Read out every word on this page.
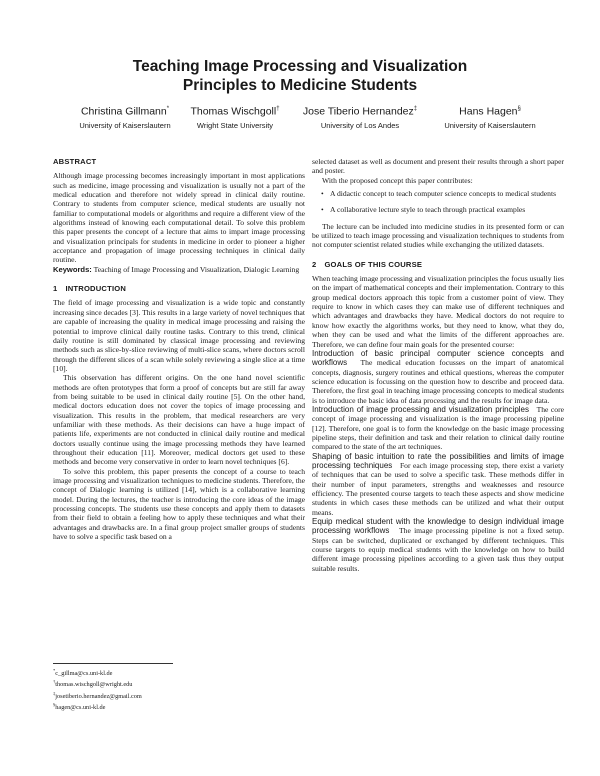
Teaching Image Processing and Visualization
Principles to Medicine Students
Christina Gillmann*
University of Kaiserslautern
Thomas Wischgoll†
Wright State University
Jose Tiberio Hernandez‡
University of Los Andes
Hans Hagen§
University of Kaiserslautern
ABSTRACT

Although image processing becomes increasingly important in most applications such as medicine, image processing and visualization is usually not a part of the medical education and therefore not widely spread in clinical daily routine. Contrary to students from computer science, medical students are usually not familiar to computational models or algorithms and require a different view of the algorithms instead of knowing each computational detail. To solve this problem this paper presents the concept of a lecture that aims to impart image processing and visualization principals for students in medicine in order to pioneer a higher acceptance and propagation of image processing techniques in clinical daily routine.

Keywords: Teaching of Image Processing and Visualization, Dialogic Learning

1 INTRODUCTION

The field of image processing and visualization is a wide topic and constantly increasing since decades [3]. This results in a large variety of novel techniques that are capable of increasing the quality in medical image processing and raising the potential to improve clinical daily routine tasks. Contrary to this trend, clinical daily routine is still dominated by classical image processing and reviewing methods such as slice-by-slice reviewing of multi-slice scans, where doctors scroll through the different slices of a scan while solely reviewing a single slice at a time [10].

This observation has different origins. On the one hand novel scientific methods are often prototypes that form a proof of concepts but are still far away from being suitable to be used in clinical daily routine [5]. On the other hand, medical doctors education does not cover the topics of image processing and visualization. This results in the problem, that medical researchers are very unfamiliar with these methods. As their decisions can have a huge impact of patients life, experiments are not conducted in clinical daily routine and medical doctors usually continue using the image processing methods they have learned throughout their education [11]. Moreover, medical doctors get used to these methods and become very conservative in order to learn novel techniques [6].

To solve this problem, this paper presents the concept of a course to teach image processing and visualization techniques to medicine students. Therefore, the concept of Dialogic learning is utilized [14], which is a collaborative learning model. During the lectures, the teacher is introducing the core ideas of the image processing concepts. The students use these concepts and apply them to datasets from their field to obtain a feeling how to apply these techniques and what their advantages and drawbacks are. In a final group project smaller groups of students have to solve a specific task based on a

*c_gillma@cs.uni-kl.de
†thomas.wischgoll@wright.edu
‡josetiberio.hernandez@gmail.com
§hagen@cs.uni-kl.de

selected dataset as well as document and present their results through a short paper and poster.

With the proposed concept this paper contributes:

• A didactic concept to teach computer science concepts to medical students
• A collaborative lecture style to teach through practical examples

The lecture can be included into medicine studies in its presented form or can be utilized to teach image processing and visualization techniques to students from not computer scientist related studies while exchanging the utilized datasets.

2 GOALS OF THIS COURSE

When teaching image processing and visualization principles the focus usually lies on the impart of mathematical concepts and their implementation. Contrary to this group medical doctors approach this topic from a customer point of view. They require to know in which cases they can make use of different techniques and which advantages and drawbacks they have. Medical doctors do not require to know how exactly the algorithms works, but they need to know, what they do, when they can be used and what the limits of the different approaches are. Therefore, we can define four main goals for the presented course:

Introduction of basic principal computer science concepts and workflows The medical education focusses on the impart of anatomical concepts, diagnosis, surgery routines and ethical questions, whereas the computer science education is focussing on the question how to describe and proceed data. Therefore, the first goal in teaching image processing concepts to medical students is to introduce the basic idea of data processing and the results for image data.

Introduction of image processing and visualization principles The core concept of image processing and visualization is the image processing pipeline [12]. Therefore, one goal is to form the knowledge on the basic image processing pipeline steps, their definition and task and their relation to clinical daily routine compared to the state of the art techniques.

Shaping of basic intuition to rate the possibilities and limits of image processing techniques For each image processing step, there exist a variety of techniques that can be used to solve a specific task. These methods differ in their number of input parameters, strengths and weaknesses and resource efficiency. The presented course targets to teach these aspects and show medicine students in which cases these methods can be utilized and what their output means.

Equip medical student with the knowledge to design individual image processing workflows The image processing pipeline is not a fixed setup. Steps can be switched, duplicated or exchanged by different techniques. This course targets to equip medical students with the knowledge on how to build different image processing pipelines according to a given task thus they output suitable results.
